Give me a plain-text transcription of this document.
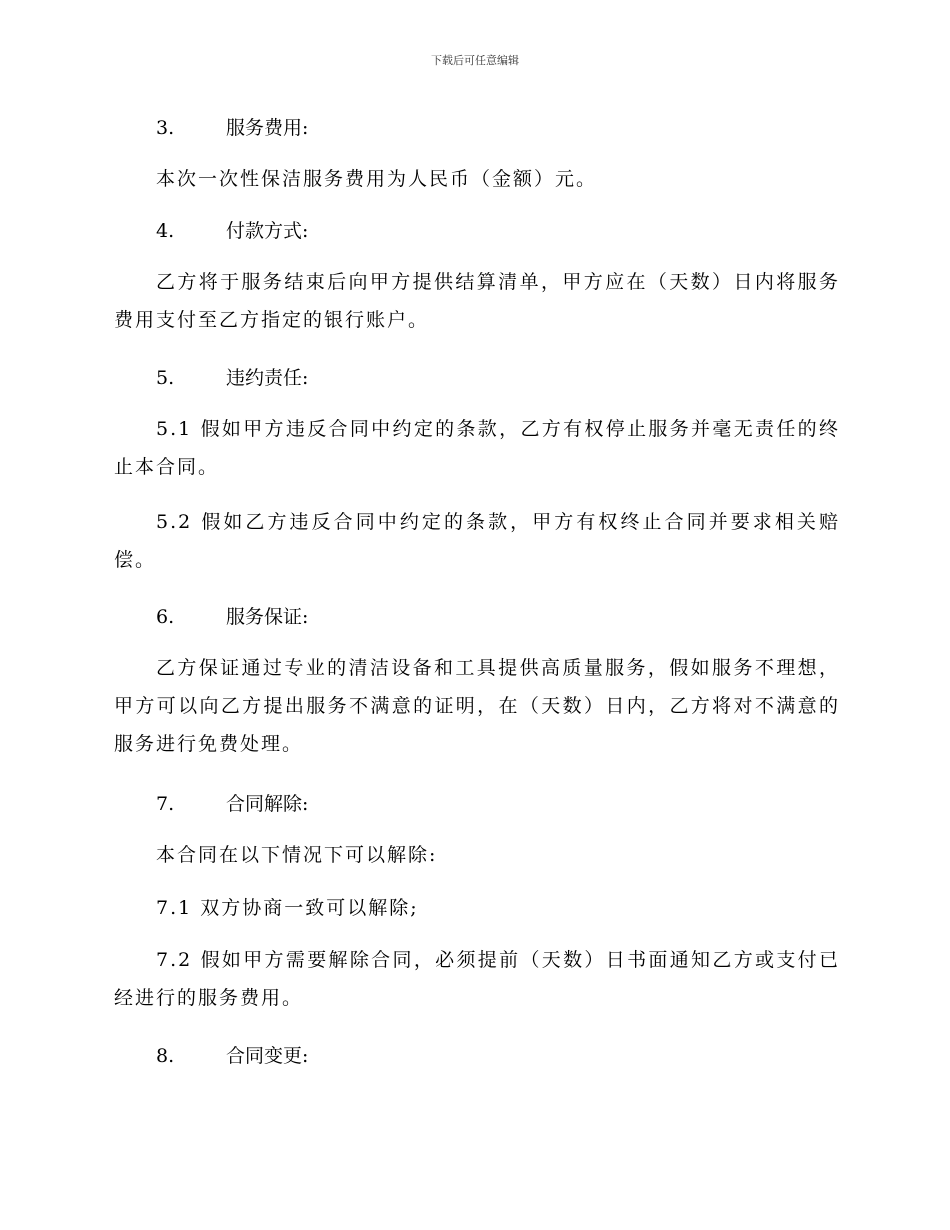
下载后可任意编辑
3.	服务费用:
本次一次性保洁服务费用为人民币（金额）元。
4.	付款方式:
乙方将于服务结束后向甲方提供结算清单，甲方应在（天数）日内将服务费用支付至乙方指定的银行账户。
5.	违约责任:
5.1 假如甲方违反合同中约定的条款，乙方有权停止服务并毫无责任的终止本合同。
5.2 假如乙方违反合同中约定的条款，甲方有权终止合同并要求相关赔偿。
6.	服务保证:
乙方保证通过专业的清洁设备和工具提供高质量服务，假如服务不理想，甲方可以向乙方提出服务不满意的证明，在（天数）日内，乙方将对不满意的服务进行免费处理。
7.	合同解除:
本合同在以下情况下可以解除:
7.1 双方协商一致可以解除;
7.2 假如甲方需要解除合同，必须提前（天数）日书面通知乙方或支付已经进行的服务费用。
8.	合同变更:
